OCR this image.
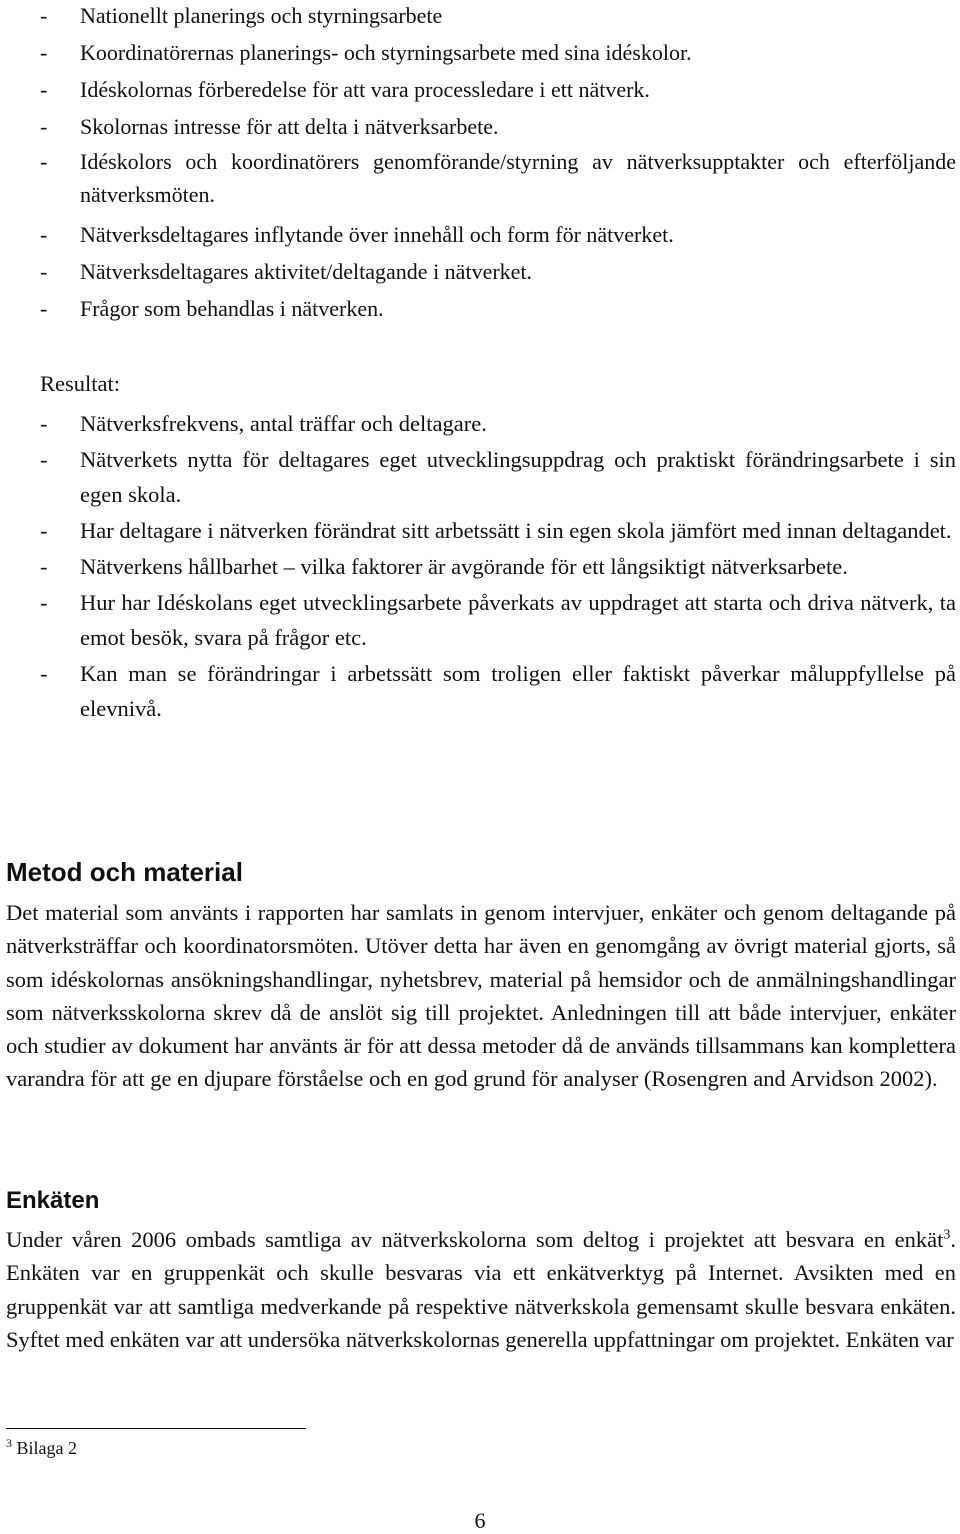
- Nationellt planerings och styrningsarbete
- Koordinatörernas planerings- och styrningsarbete med sina idéskolor.
- Idéskolornas förberedelse för att vara processledare i ett nätverk.
- Skolornas intresse för att delta i nätverksarbete.
- Idéskolors och koordinatörers genomförande/styrning av nätverksupptakter och efterföljande nätverksmöten.
- Nätverksdeltagares inflytande över innehåll och form för nätverket.
- Nätverksdeltagares aktivitet/deltagande i nätverket.
- Frågor som behandlas i nätverken.
Resultat:
- Nätverksfrekvens, antal träffar och deltagare.
- Nätverkets nytta för deltagares eget utvecklingsuppdrag och praktiskt förändringsarbete i sin egen skola.
- Har deltagare i nätverken förändrat sitt arbetssätt i sin egen skola jämfört med innan deltagandet.
- Nätverkens hållbarhet – vilka faktorer är avgörande för ett långsiktigt nätverksarbete.
- Hur har Idéskolans eget utvecklingsarbete påverkats av uppdraget att starta och driva nätverk, ta emot besök, svara på frågor etc.
- Kan man se förändringar i arbetssätt som troligen eller faktiskt påverkar måluppfyllelse på elevnivå.
Metod och material

Det material som använts i rapporten har samlats in genom intervjuer, enkäter och genom deltagande på nätverksträffar och koordinatorsmöten. Utöver detta har även en genomgång av övrigt material gjorts, så som idéskolornas ansökningshandlingar, nyhetsbrev, material på hemsidor och de anmälningshandlingar som nätverksskolorna skrev då de anslöt sig till projektet. Anledningen till att både intervjuer, enkäter och studier av dokument har använts är för att dessa metoder då de används tillsammans kan komplettera varandra för att ge en djupare förståelse och en god grund för analyser (Rosengren and Arvidson 2002).

Enkäten

Under våren 2006 ombads samtliga av nätverkskolorna som deltog i projektet att besvara en enkät$^3$. Enkäten var en gruppenkät och skulle besvaras via ett enkätverktyg på Internet. Avsikten med en gruppenkät var att samtliga medverkande på respektive nätverkskola gemensamt skulle besvara enkäten. Syftet med enkäten var att undersöka nätverkskolornas generella uppfattningar om projektet. Enkäten var

$^3$ Bilaga 2
6
